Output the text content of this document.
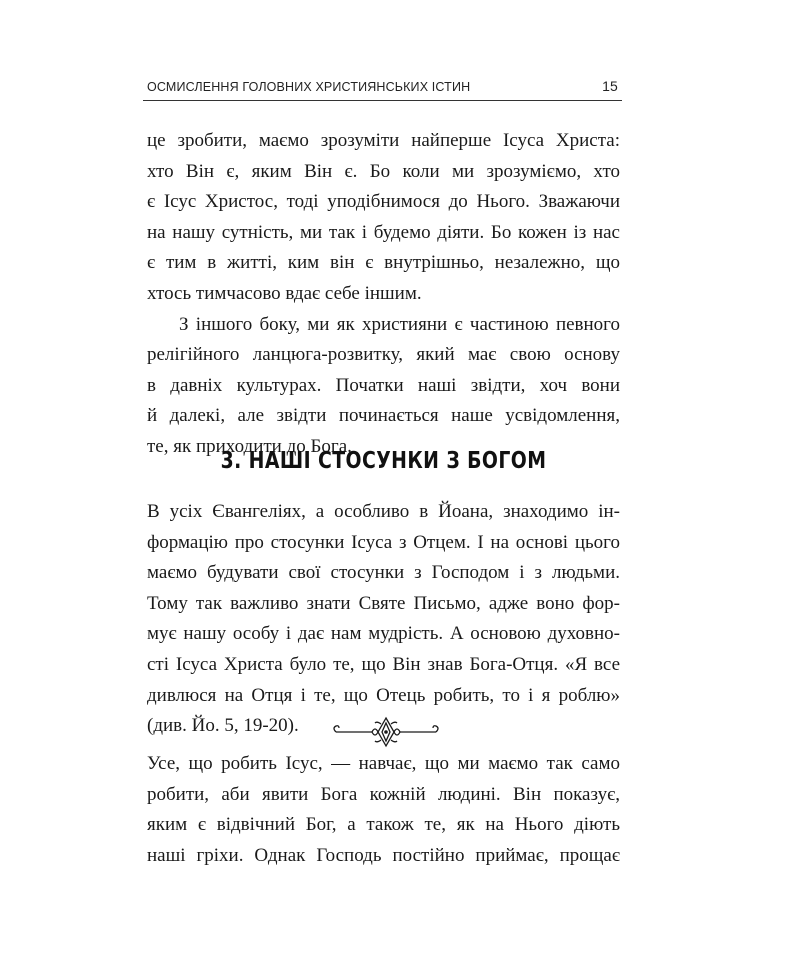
ОСМИСЛЕННЯ ГОЛОВНИХ ХРИСТИЯНСЬКИХ ІСТИН	15
це зробити, маємо зрозуміти найперше Ісуса Христа:
хто Він є, яким Він є. Бо коли ми зрозуміємо, хто
є Ісус Христос, тоді уподібнимося до Нього. Зважаючи
на нашу сутність, ми так і будемо діяти. Бо кожен із нас
є тим в житті, ким він є внутрішньо, незалежно, що
хтось тимчасово вдає себе іншим.
З іншого боку, ми як християни є частиною певного
релігійного ланцюга-розвитку, який має свою основу
в давніх культурах. Початки наші звідти, хоч вони
й далекі, але звідти починається наше усвідомлення,
те, як приходити до Бога.
3. НАШІ СТОСУНКИ З БОГОМ
В усіх Євангеліях, а особливо в Йоана, знаходимо ін-
формацію про стосунки Ісуса з Отцем. І на основі цього
маємо будувати свої стосунки з Господом і з людьми.
Тому так важливо знати Святе Письмо, адже воно фор-
мує нашу особу і дає нам мудрість. А основою духовно-
сті Ісуса Христа було те, що Він знав Бога-Отця. «Я все
дивлюся на Отця і те, що Отець робить, то і я роблю»
(див. Йо. 5, 19-20).
Усе, що робить Ісус, — навчає, що ми маємо так само
робити, аби явити Бога кожній людині. Він показує,
яким є відвічний Бог, а також те, як на Нього діють
наші гріхи. Однак Господь постійно приймає, прощає
